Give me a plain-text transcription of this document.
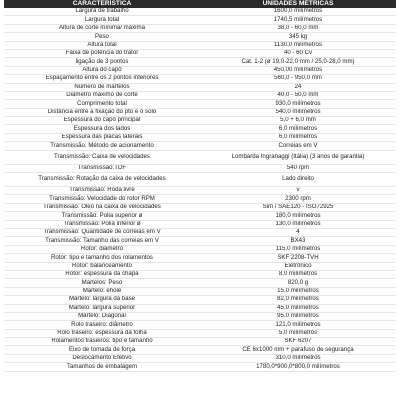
CARACTERÍSTICA	UNIDADES MÉTRICAS
Largura de trabalho	1600,0 milímetros
Largura total	1740,5 milímetros
Altura de corte mínima/ máxima	38,0 - 60,0 mm
Peso	345 kg
Altura total	1130,0 milímetros
Faixa de potência do trator	40 - 60 Cv
ligação de 3 pontos	Cat. 1-2 (ø 19,0-22,0 mm / 25,0-28,0 mm)
Altura do capô	450,00 milímetros
Espaçamento entre os 2 pontos inferiores	560,0 - 950,0 mm
Número de martelos	24
Diâmetro máximo de corte	40,0 - 50,0 mm
Comprimento total	930,0 milímetros
Distância entre a fixação do pto e o solo	540,0 milímetros
Espessura do capô principal	5,0 + 6,0 mm
Espessura dos lados	6,0 milímetros
Espessura das placas laterais	6,0 milímetros
Transmissão: Método de acionamento	Correias em V
Transmissão: Caixa de velocidades	Lombarda Ingranaggi (Itália) (3 anos de garantia)
Transmissão:TDF	540 rpm
Transmissão: Rotação da caixa de velocidades	Lado direito
Transmissão: Roda livre	v
Transmissão: Velocidade do rotor RPM	2300 rpm
Transmissão: Óleo na caixa de velocidades	Sim / SAE120 - ISO72925
Transmissão: Polia superior ø	180,0 milímetros
Transmissão: Polia inferior ø	130,0 milímetros
Transmissão: Quantidade de correias em V	4
Transmissão: Tamanho das correias em V	BX43
Rotor: diâmetro	115,0 milímetros
Rotor: tipo e tamanho dos rolamentos	SKF 2208-TVH
Rotor: balanceamento	Eletrônico
Rotor: espessura da chapa	8,0 milímetros
Martelos: Peso	820,0 g
Martelo: ehole	15,0 milímetros
Martelo: largura da base	82,0 milímetros
Martelo: largura superior	45,0 milímetros
Martelo: Diagonal	95,0 milímetros
Rolo traseiro: diâmetro	121,0 milímetros
Rolo traseiro: espessura da folha	5,0 milímetros
Rolamentos traseiros: tipo e tamanho	SKF 6207
Eixo de tomada de força	CE 6x1000 mm + parafuso de segurança
Deslocamento Efetivo	310,0 milímetros
Tamanhos de embalagem	1780,0*900,0*800,0 milímetros
